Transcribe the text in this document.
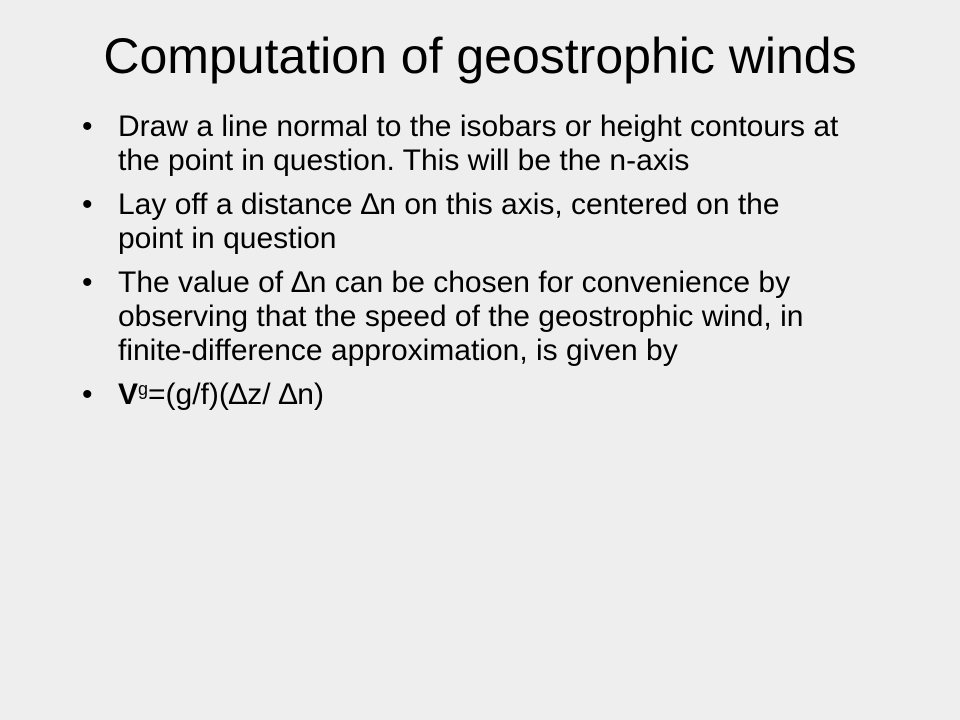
Computation of geostrophic winds
• Draw a line normal to the isobars or height contours at the point in question. This will be the n-axis
• Lay off a distance ∆n on this axis, centered on the point in question
• The value of ∆n can be chosen for convenience by observing that the speed of the geostrophic wind, in finite-difference approximation, is given by
• $V^g=(g/f)(\Delta z/$ ∆n)
